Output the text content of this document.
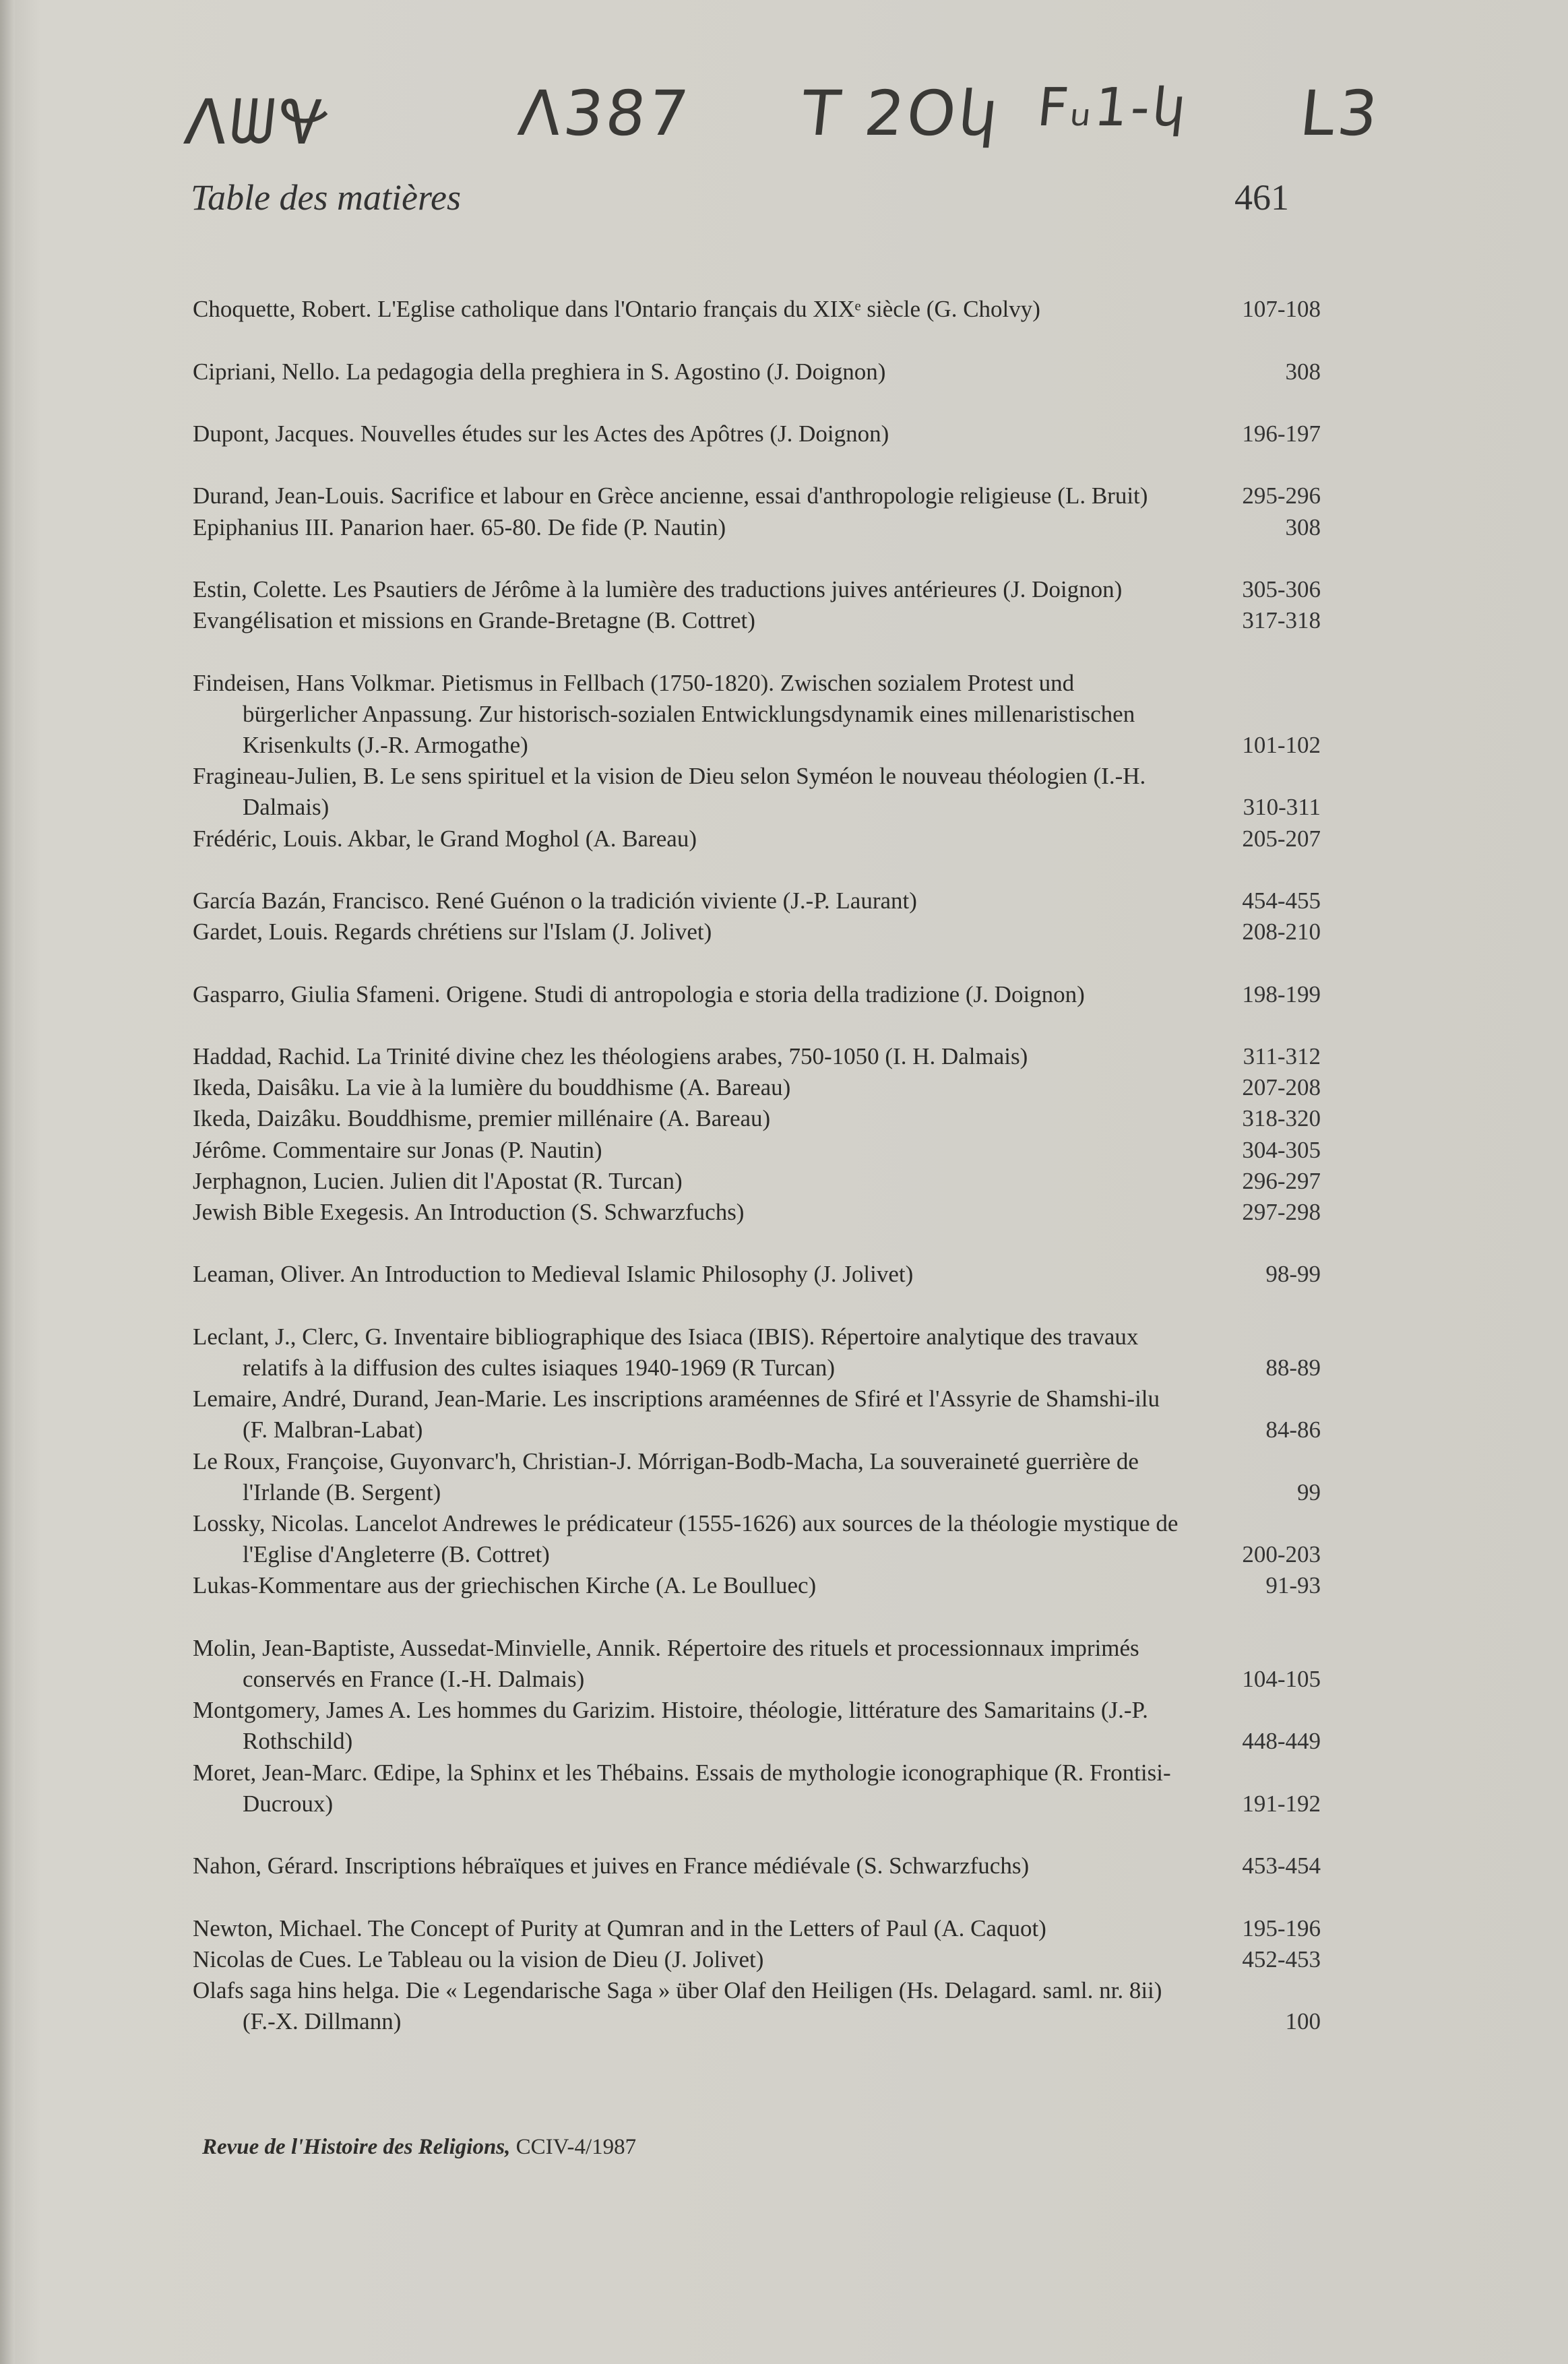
ᐱᗯ𐐏	ᐱ387 T 2Oկ Fᵤ1-կ L3
Table des matières	461
Choquette, Robert. L'Eglise catholique dans l'Ontario français du XIXᵉ siècle (G. Cholvy)	107-108
Cipriani, Nello. La pedagogia della preghiera in S. Agostino (J. Doignon)	308
Dupont, Jacques. Nouvelles études sur les Actes des Apôtres (J. Doignon)	196-197
Durand, Jean-Louis. Sacrifice et labour en Grèce ancienne, essai d'anthropologie religieuse (L. Bruit)	295-296
Epiphanius III. Panarion haer. 65-80. De fide (P. Nautin)	308
Estin, Colette. Les Psautiers de Jérôme à la lumière des traductions juives antérieures (J. Doignon)	305-306
Evangélisation et missions en Grande-Bretagne (B. Cottret)	317-318
Findeisen, Hans Volkmar. Pietismus in Fellbach (1750-1820). Zwischen sozialem Protest und bürgerlicher Anpassung. Zur historisch-sozialen Entwicklungsdynamik eines millenaristischen Krisenkults (J.-R. Armogathe)	101-102
Fragineau-Julien, B. Le sens spirituel et la vision de Dieu selon Syméon le nouveau théologien (I.-H. Dalmais)	310-311
Frédéric, Louis. Akbar, le Grand Moghol (A. Bareau)	205-207
García Bazán, Francisco. René Guénon o la tradición viviente (J.-P. Laurant)	454-455
Gardet, Louis. Regards chrétiens sur l'Islam (J. Jolivet)	208-210
Gasparro, Giulia Sfameni. Origene. Studi di antropologia e storia della tradizione (J. Doignon)	198-199
Haddad, Rachid. La Trinité divine chez les théologiens arabes, 750-1050 (I. H. Dalmais)	311-312
Ikeda, Daisâku. La vie à la lumière du bouddhisme (A. Bareau)	207-208
Ikeda, Daizâku. Bouddhisme, premier millénaire (A. Bareau)	318-320
Jérôme. Commentaire sur Jonas (P. Nautin)	304-305
Jerphagnon, Lucien. Julien dit l'Apostat (R. Turcan)	296-297
Jewish Bible Exegesis. An Introduction (S. Schwarzfuchs)	297-298
Leaman, Oliver. An Introduction to Medieval Islamic Philosophy (J. Jolivet)	98-99
Leclant, J., Clerc, G. Inventaire bibliographique des Isiaca (IBIS). Répertoire analytique des travaux relatifs à la diffusion des cultes isiaques 1940-1969 (R Turcan)	88-89
Lemaire, André, Durand, Jean-Marie. Les inscriptions araméennes de Sfiré et l'Assyrie de Shamshi-ilu (F. Malbran-Labat)	84-86
Le Roux, Françoise, Guyonvarc'h, Christian-J. Mórrigan-Bodb-Macha, La souveraineté guerrière de l'Irlande (B. Sergent)	99
Lossky, Nicolas. Lancelot Andrewes le prédicateur (1555-1626) aux sources de la théologie mystique de l'Eglise d'Angleterre (B. Cottret)	200-203
Lukas-Kommentare aus der griechischen Kirche (A. Le Boulluec)	91-93
Molin, Jean-Baptiste, Aussedat-Minvielle, Annik. Répertoire des rituels et processionnaux imprimés conservés en France (I.-H. Dalmais)	104-105
Montgomery, James A. Les hommes du Garizim. Histoire, théologie, littérature des Samaritains (J.-P. Rothschild)	448-449
Moret, Jean-Marc. Œdipe, la Sphinx et les Thébains. Essais de mythologie iconographique (R. Frontisi-Ducroux)	191-192
Nahon, Gérard. Inscriptions hébraïques et juives en France médiévale (S. Schwarzfuchs)	453-454
Newton, Michael. The Concept of Purity at Qumran and in the Letters of Paul (A. Caquot)	195-196
Nicolas de Cues. Le Tableau ou la vision de Dieu (J. Jolivet)	452-453
Olafs saga hins helga. Die « Legendarische Saga » über Olaf den Heiligen (Hs. Delagard. saml. nr. 8ii) (F.-X. Dillmann)	100
Revue de l'Histoire des Religions, CCIV-4/1987
